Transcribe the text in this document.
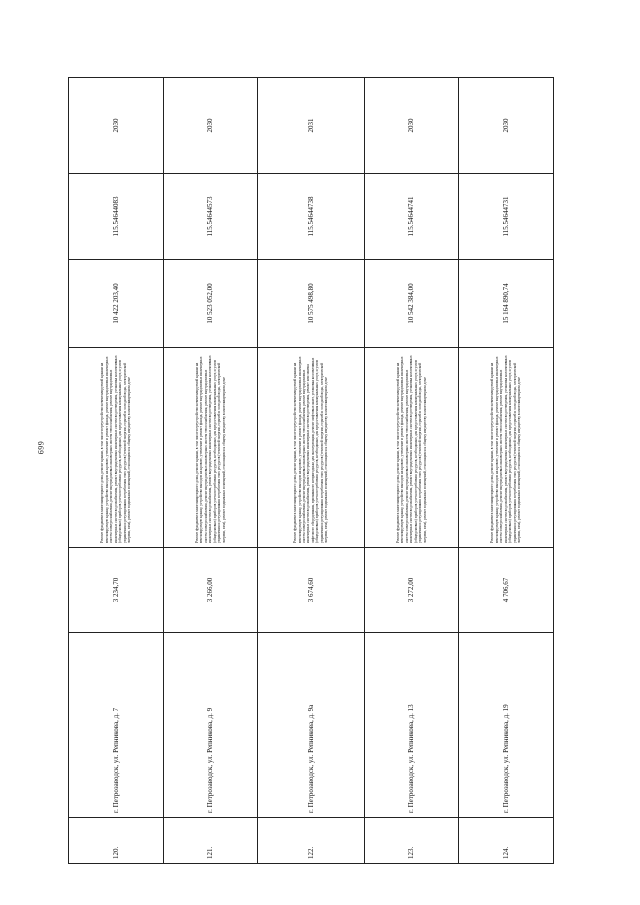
699
120.	г. Петрозаводск, ул. Репникова, д. 7	3 234,70	Ремонт фундамента многоквартирного дома, ремонт крыши, в том числе переустройство невентилируемой крыши на вентилируемую крышу, устройство выходов на кровлю, утепление и ремонт фасада, ремонт внутридомовых инженерных систем электроснабжения, ремонт внутридомовых инженерных систем теплоснабжения, ремонт внутридомовых инженерных систем водоснабжения, ремонт внутридомовых инженерных систем водоотведения, установка коллективных (общедомовых) приборов учета потребления ресурсов, необходимых для предоставления коммунальных услуг, и узлов управления и регулирования потребления этих ресурсов (тепловой энергии, горячей и холодной воды, электрической энергии, газа), ремонт подвальных помещений, относящихся к общему имуществу в многоквартирном доме	10 422 203,40	115.54644083	2030
121.	г. Петрозаводск, ул. Репникова, д. 9	3 266,00	Ремонт фундамента многоквартирного дома, ремонт крыши, в том числе переустройство невентилируемой крыши на вентилируемую крышу, устройство выходов на кровлю, утепление и ремонт фасада, ремонт внутридомовых инженерных систем электроснабжения, ремонт внутридомовых инженерных систем теплоснабжения, ремонт внутридомовых инженерных систем водоснабжения, ремонт внутридомовых инженерных систем водоотведения, установка коллективных (общедомовых) приборов учета потребления ресурсов, необходимых для предоставления коммунальных услуг, и узлов управления и регулирования потребления этих ресурсов (тепловой энергии, горячей и холодной воды, электрической энергии, газа), ремонт подвальных помещений, относящихся к общему имуществу в многоквартирном доме	10 523 052,00	115.54644573	2030
122.	г. Петрозаводск, ул. Репникова, д. 9а	3 674,60	Ремонт фундамента многоквартирного дома, ремонт крыши, в том числе переустройство невентилируемой крыши на вентилируемую крышу, устройство выходов на кровлю, утепление и ремонт фасада, ремонт внутридомовых инженерных систем электроснабжения, ремонт внутридомовых инженерных систем теплоснабжения, ремонт внутридомовых инженерных систем водоснабжения, ремонт внутридомовых инженерных систем водоотведения, ремонт или замена лифтового оборудования, признанного непригодным для эксплуатации, ремонт лифтовых шахт, установка коллективных (общедомовых) приборов учета потребления ресурсов, необходимых для предоставления коммунальных услуг, и узлов управления и регулирования потребления этих ресурсов (тепловой энергии, горячей и холодной воды, электрической энергии, газа), ремонт подвальных помещений, относящихся к общему имуществу в многоквартирном доме	10 575 498,80	115.54644738	2031
123.	г. Петрозаводск, ул. Репникова, д. 13	3 272,00	Ремонт фундамента многоквартирного дома, ремонт крыши, в том числе переустройство невентилируемой крыши на вентилируемую крышу, устройство выходов на кровлю, утепление и ремонт фасада, ремонт внутридомовых инженерных систем электроснабжения, ремонт внутридомовых инженерных систем теплоснабжения, ремонт внутридомовых инженерных систем водоснабжения, ремонт внутридомовых инженерных систем водоотведения, установка коллективных (общедомовых) приборов учета потребления ресурсов, необходимых для предоставления коммунальных услуг, и узлов управления и регулирования потребления этих ресурсов (тепловой энергии, горячей и холодной воды, электрической энергии, газа), ремонт подвальных помещений, относящихся к общему имуществу в многоквартирном доме	10 542 384,00	115.54644741	2030
124.	г. Петрозаводск, ул. Репникова, д. 19	4 706,67	Ремонт фундамента многоквартирного дома, ремонт крыши, в том числе переустройство невентилируемой крыши на вентилируемую крышу, устройство выходов на кровлю, утепление и ремонт фасада, ремонт внутридомовых инженерных систем электроснабжения, ремонт внутридомовых инженерных систем теплоснабжения, ремонт внутридомовых инженерных систем водоснабжения, ремонт внутридомовых инженерных систем водоотведения, установка коллективных (общедомовых) приборов учета потребления ресурсов, необходимых для предоставления коммунальных услуг, и узлов управления и регулирования потребления этих ресурсов (тепловой энергии, горячей и холодной воды, электрической энергии, газа), ремонт подвальных помещений, относящихся к общему имуществу в многоквартирном доме	15 164 890,74	115.54644731	2030
